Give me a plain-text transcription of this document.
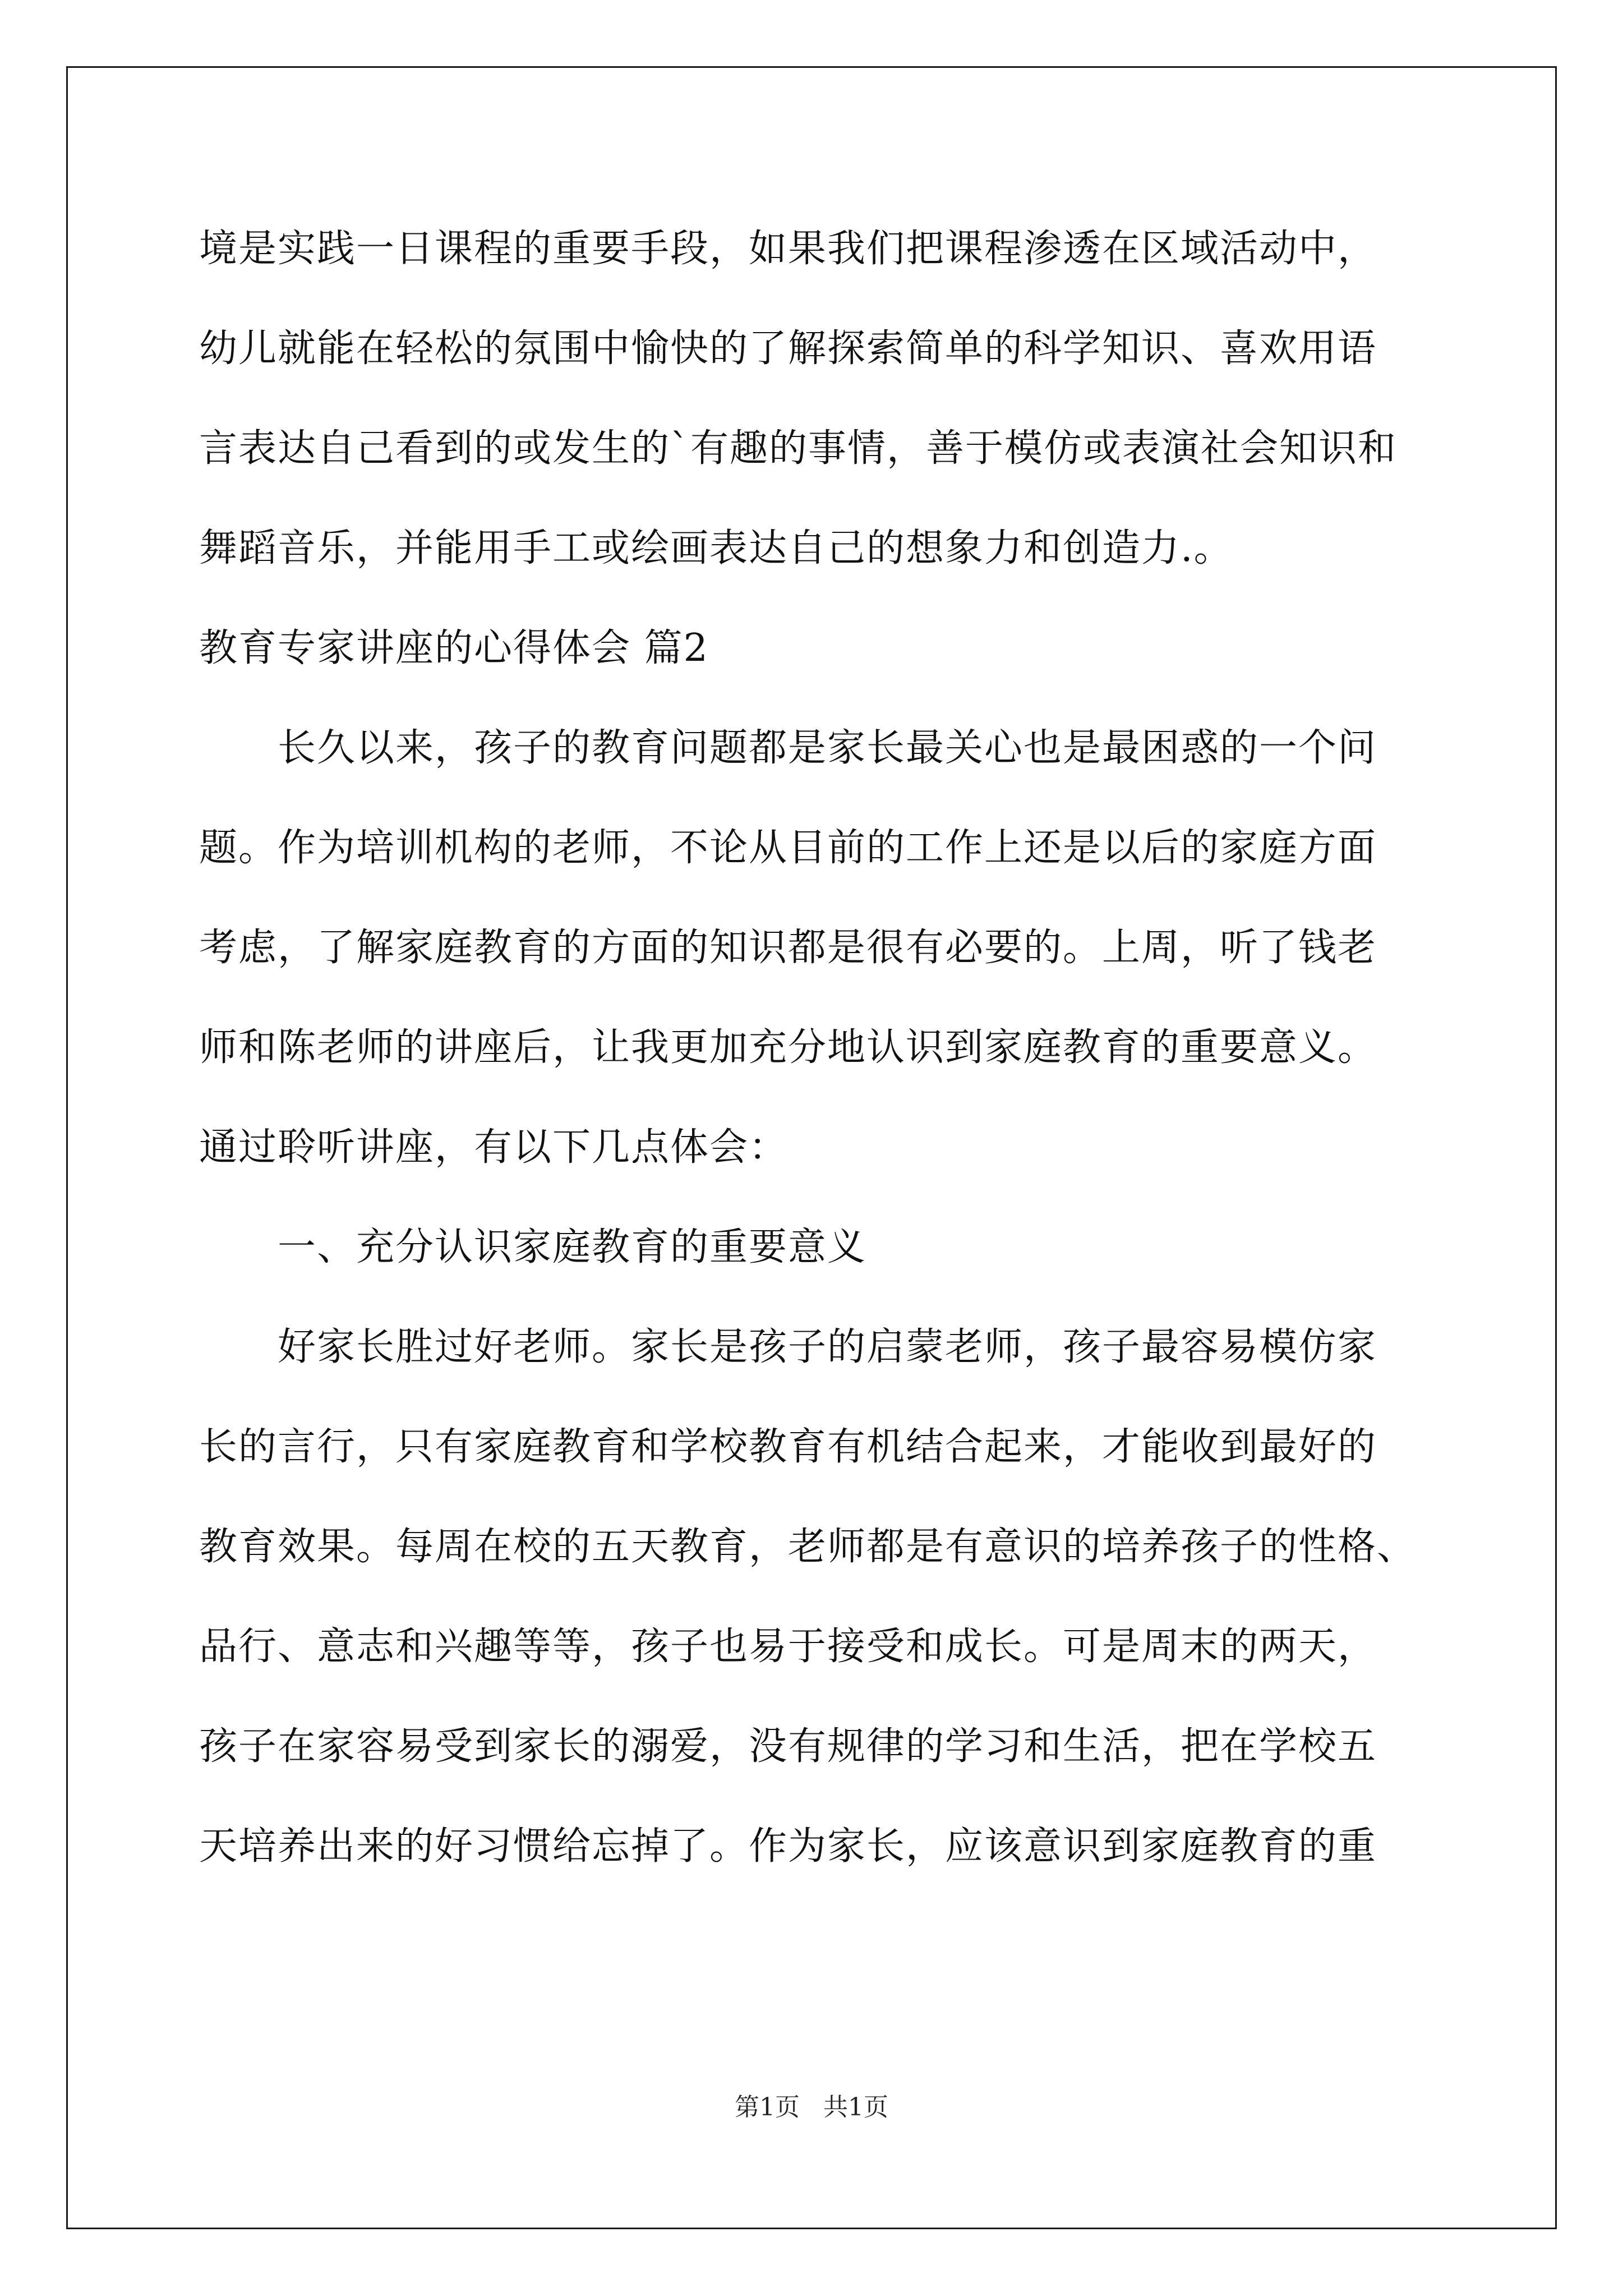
境是实践一日课程的重要手段，如果我们把课程渗透在区域活动中，
幼儿就能在轻松的氛围中愉快的了解探索简单的科学知识、喜欢用语
言表达自己看到的或发生的`有趣的事情，善于模仿或表演社会知识和
舞蹈音乐，并能用手工或绘画表达自己的想象力和创造力.。
教育专家讲座的心得体会 篇2
长久以来，孩子的教育问题都是家长最关心也是最困惑的一个问
题。作为培训机构的老师，不论从目前的工作上还是以后的家庭方面
考虑，了解家庭教育的方面的知识都是很有必要的。上周，听了钱老
师和陈老师的讲座后，让我更加充分地认识到家庭教育的重要意义。
通过聆听讲座，有以下几点体会：
一、充分认识家庭教育的重要意义
好家长胜过好老师。家长是孩子的启蒙老师，孩子最容易模仿家
长的言行，只有家庭教育和学校教育有机结合起来，才能收到最好的
教育效果。每周在校的五天教育，老师都是有意识的培养孩子的性格、
品行、意志和兴趣等等，孩子也易于接受和成长。可是周末的两天，
孩子在家容易受到家长的溺爱，没有规律的学习和生活，把在学校五
天培养出来的好习惯给忘掉了。作为家长，应该意识到家庭教育的重
第1页 共1页
